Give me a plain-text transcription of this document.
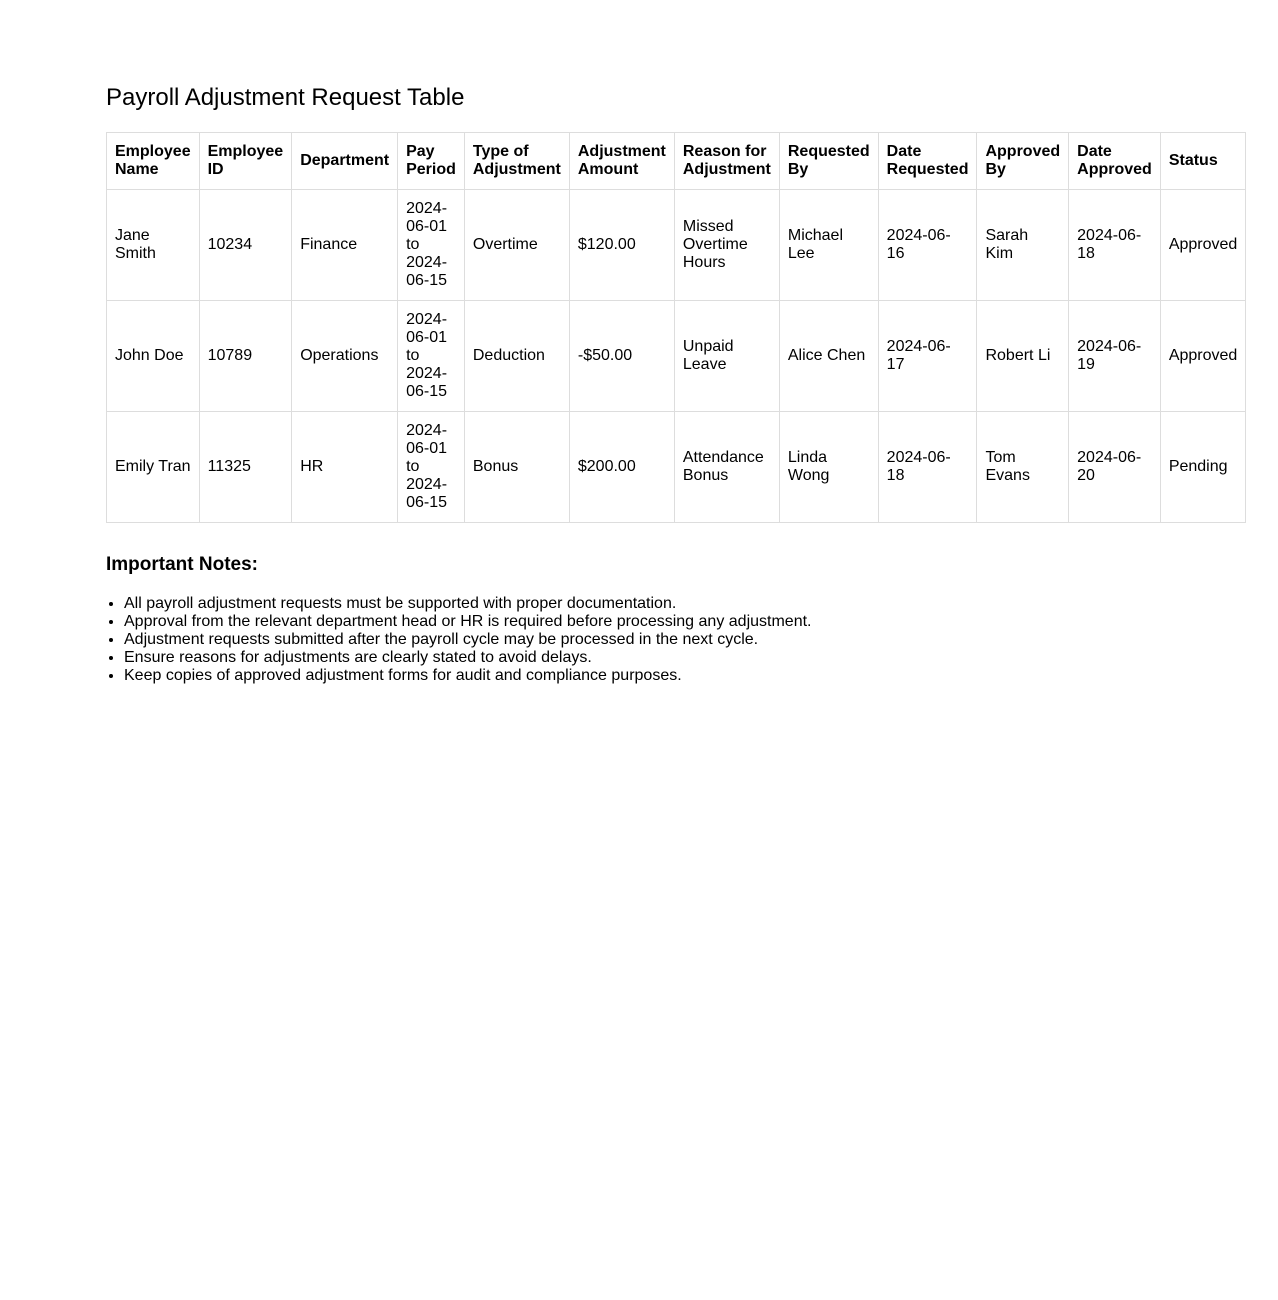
Payroll Adjustment Request Table
Employee Name	Employee ID	Department	Pay Period	Type of Adjustment	Adjustment Amount	Reason for Adjustment	Requested By	Date Requested	Approved By	Date Approved	Status
Jane Smith	10234	Finance	2024-06-01 to 2024-06-15	Overtime	$120.00	Missed Overtime Hours	Michael Lee	2024-06-16	Sarah Kim	2024-06-18	Approved
John Doe	10789	Operations	2024-06-01 to 2024-06-15	Deduction	-$50.00	Unpaid Leave	Alice Chen	2024-06-17	Robert Li	2024-06-19	Approved
Emily Tran	11325	HR	2024-06-01 to 2024-06-15	Bonus	$200.00	Attendance Bonus	Linda Wong	2024-06-18	Tom Evans	2024-06-20	Pending
Important Notes:
• All payroll adjustment requests must be supported with proper documentation.
• Approval from the relevant department head or HR is required before processing any adjustment.
• Adjustment requests submitted after the payroll cycle may be processed in the next cycle.
• Ensure reasons for adjustments are clearly stated to avoid delays.
• Keep copies of approved adjustment forms for audit and compliance purposes.
